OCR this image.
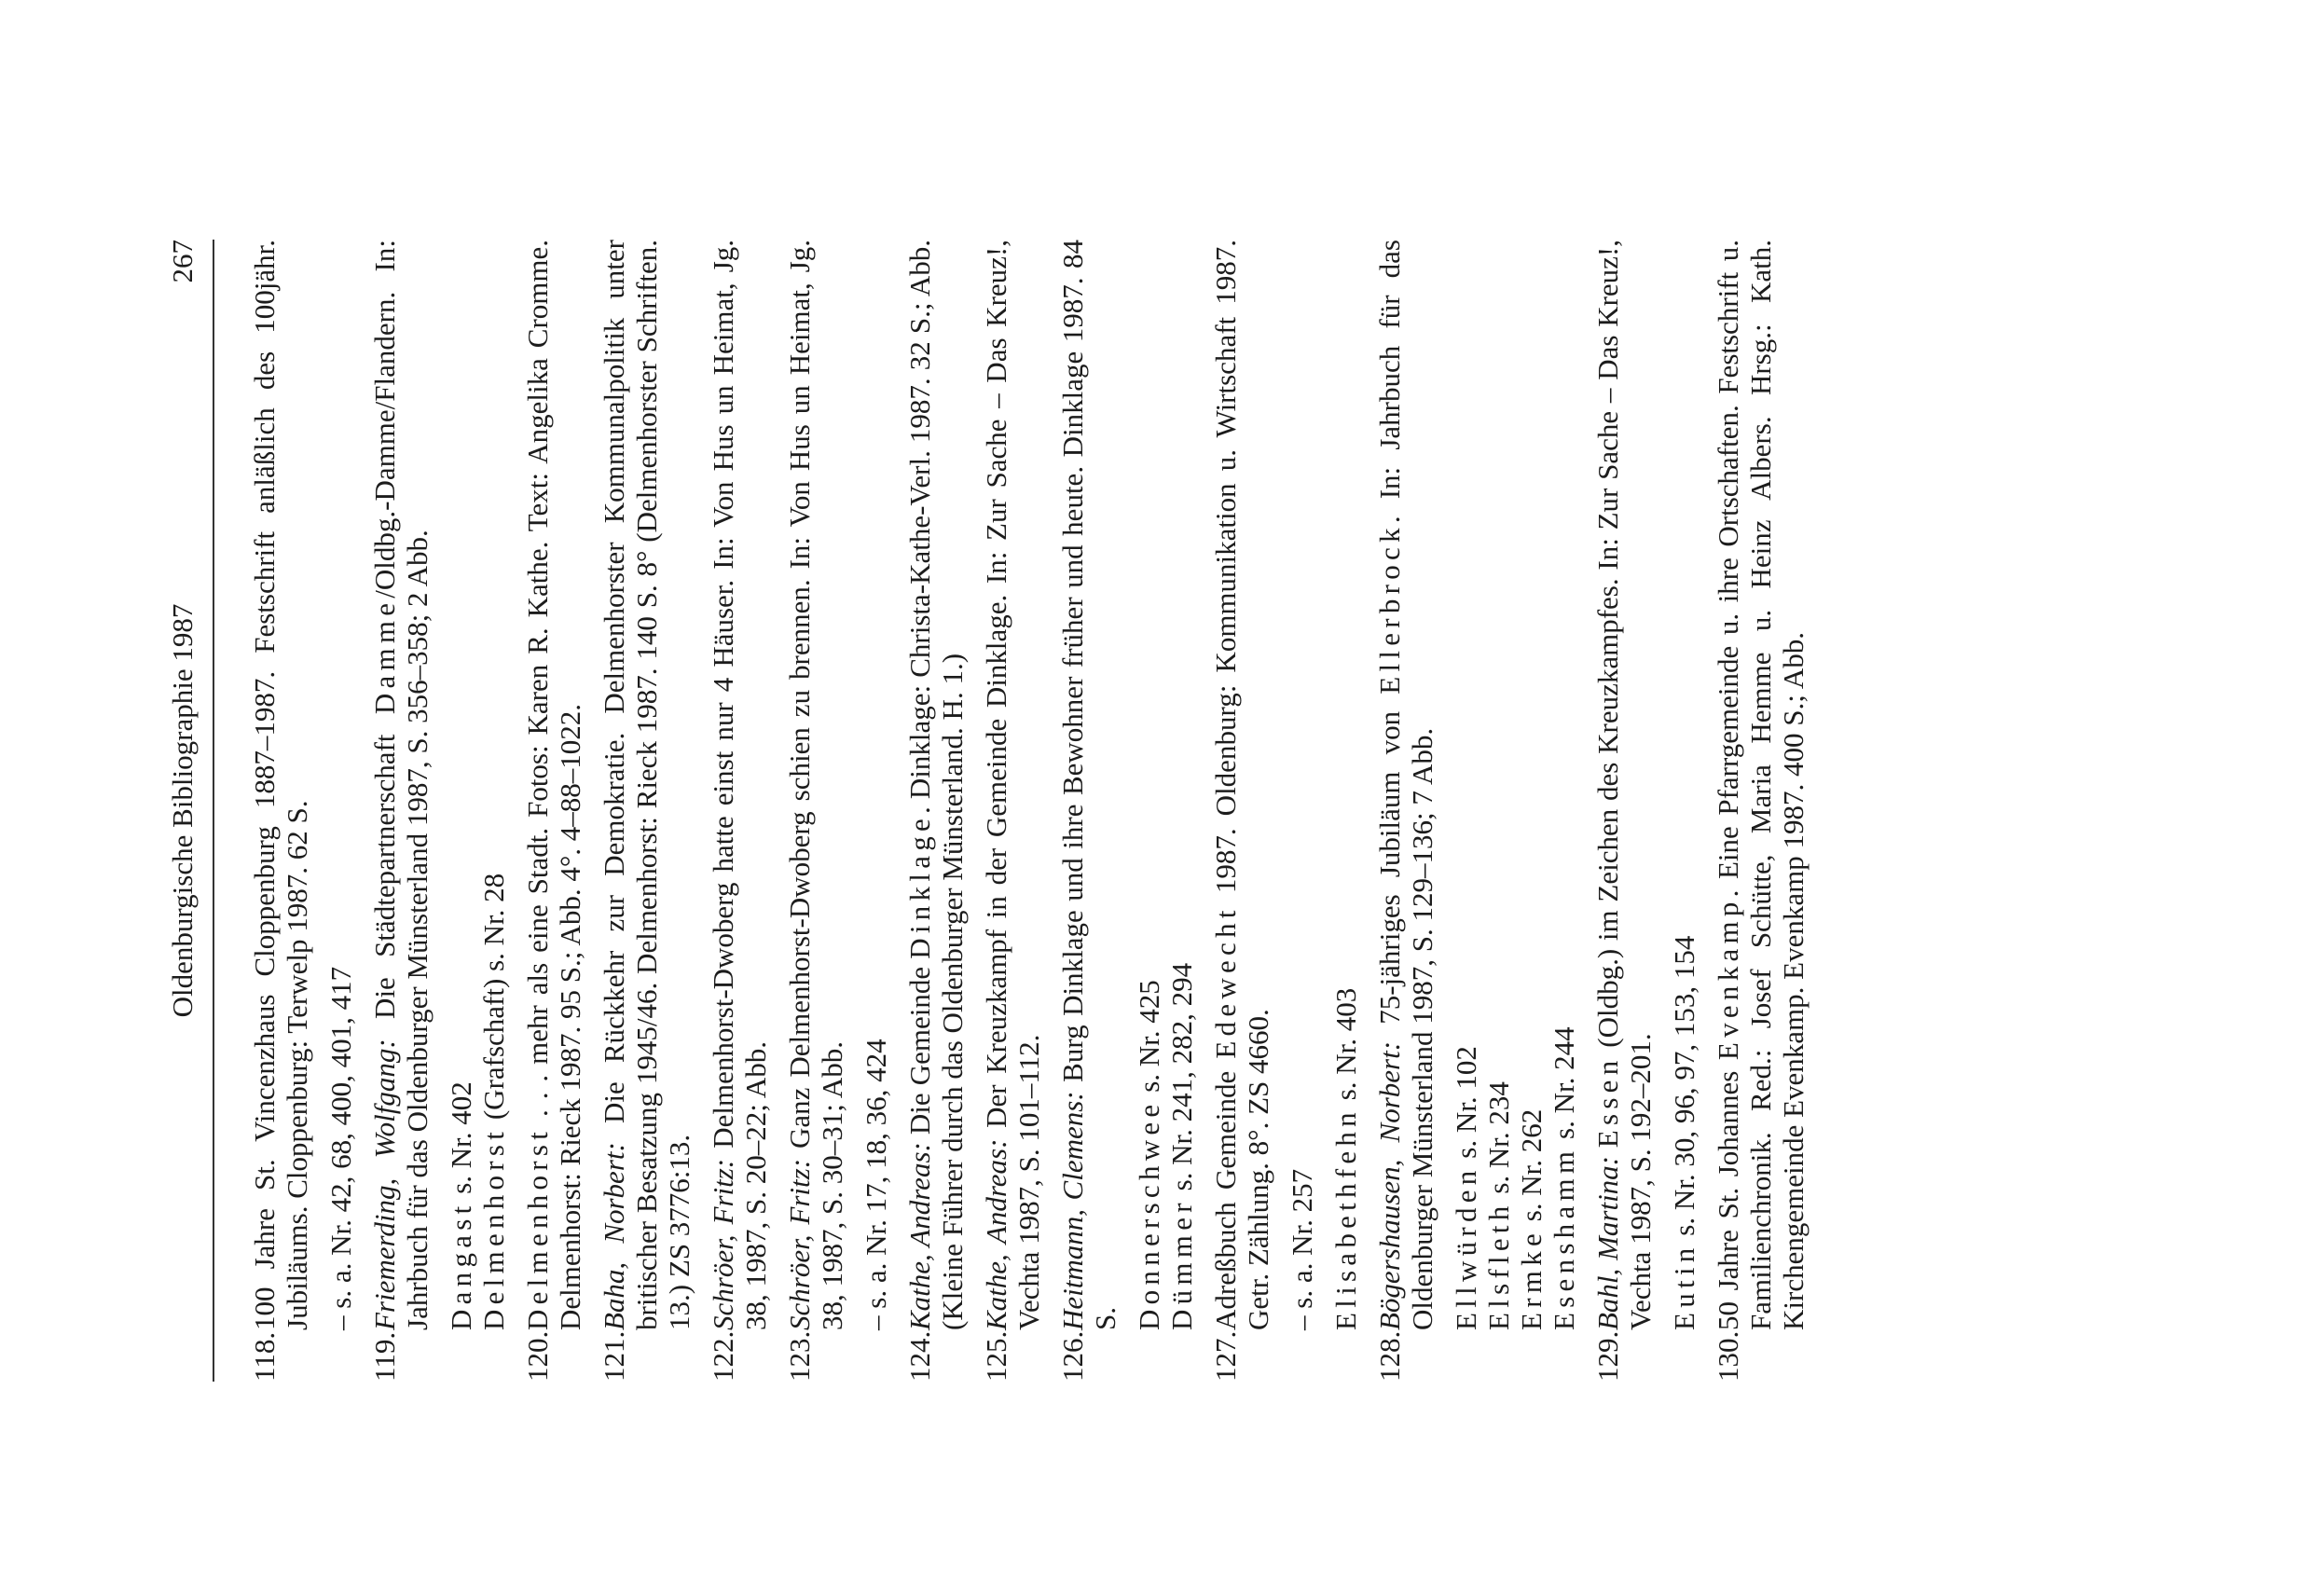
Oldenburgische Bibliographie 1987
267
118.
100 Jahre St. Vincenzhaus Cloppenburg 1887–1987. Festschrift anläßlich des 100jähr. Jubiläums. Cloppenburg: Terwelp 1987. 62 S. – s. a. Nr. 42, 68, 400, 401, 417
119.
Friemerding, Wolfgang: Die Städtepartnerschaft Damme/Oldbg.-Damme/Flandern. In: Jahrbuch für das Oldenburger Münsterland 1987, S. 356–358; 2 Abb. Dangast s. Nr. 402 Delmenhorst (Grafschaft) s. Nr. 28
120.
Delmenhorst . . . mehr als eine Stadt. Fotos: Karen R. Kathe. Text: Angelika Cromme. Delmenhorst: Rieck 1987. 95 S.; Abb. 4°. 4–88–1022.
121.
Baha, Norbert: Die Rückkehr zur Demokratie. Delmenhorster Kommunalpolitik unter britischer Besatzung 1945/46. Delmenhorst: Rieck 1987. 140 S. 8° (Delmenhorster Schriften. 13.) ZS 3776:13.
122.
Schröer, Fritz: Delmenhorst-Dwoberg hatte einst nur 4 Häuser. In: Von Hus un Heimat, Jg. 38, 1987, S. 20–22; Abb.
123.
Schröer, Fritz: Ganz Delmenhorst-Dwoberg schien zu brennen. In: Von Hus un Heimat, Jg. 38, 1987, S. 30–31; Abb. – s. a. Nr. 17, 18, 36, 424
124.
Kathe, Andreas: Die Gemeinde Dinklage. Dinklage: Christa-Kathe-Verl. 1987. 32 S.; Abb. (Kleine Führer durch das Oldenburger Münsterland. H. 1.)
125.
Kathe, Andreas: Der Kreuzkampf in der Gemeinde Dinklage. In: Zur Sache – Das Kreuz!, Vechta 1987, S. 101–112.
126.
Heitmann, Clemens: Burg Dinklage und ihre Bewohner früher und heute. Dinklage 1987. 84 S. Donnerschwee s. Nr. 425
Dümmer s. Nr. 241, 282, 294
127.
Adreßbuch Gemeinde Edewecht 1987. Oldenburg: Kommunikation u. Wirtschaft 1987. Getr. Zählung. 8°. ZS 4660. – s. a. Nr. 257 Elisabethfehn s. Nr. 403
128.
Bögershausen, Norbert: 75-jähriges Jubiläum von Ellerbrock. In: Jahrbuch für das Oldenburger Münsterland 1987, S. 129–136; 7 Abb. Ellwürden s. Nr. 102
Elsfleth s. Nr. 234
Ermke s. Nr. 262 Esenshamm s. Nr. 244
129.
Bahl, Martina: Essen (Oldbg.) im Zeichen des Kreuzkampfes. In: Zur Sache – Das Kreuz!, Vechta 1987, S. 192–201. Eutin s. Nr. 30, 96, 97, 153, 154
130.
50 Jahre St. Johannes Evenkamp. Eine Pfarrgemeinde u. ihre Ortschaften. Festschrift u. Familienchronik. Red.: Josef Schütte, Maria Hemme u. Heinz Albers. Hrsg.: Kath. Kirchengemeinde Evenkamp. Evenkamp 1987. 400 S.; Abb.
